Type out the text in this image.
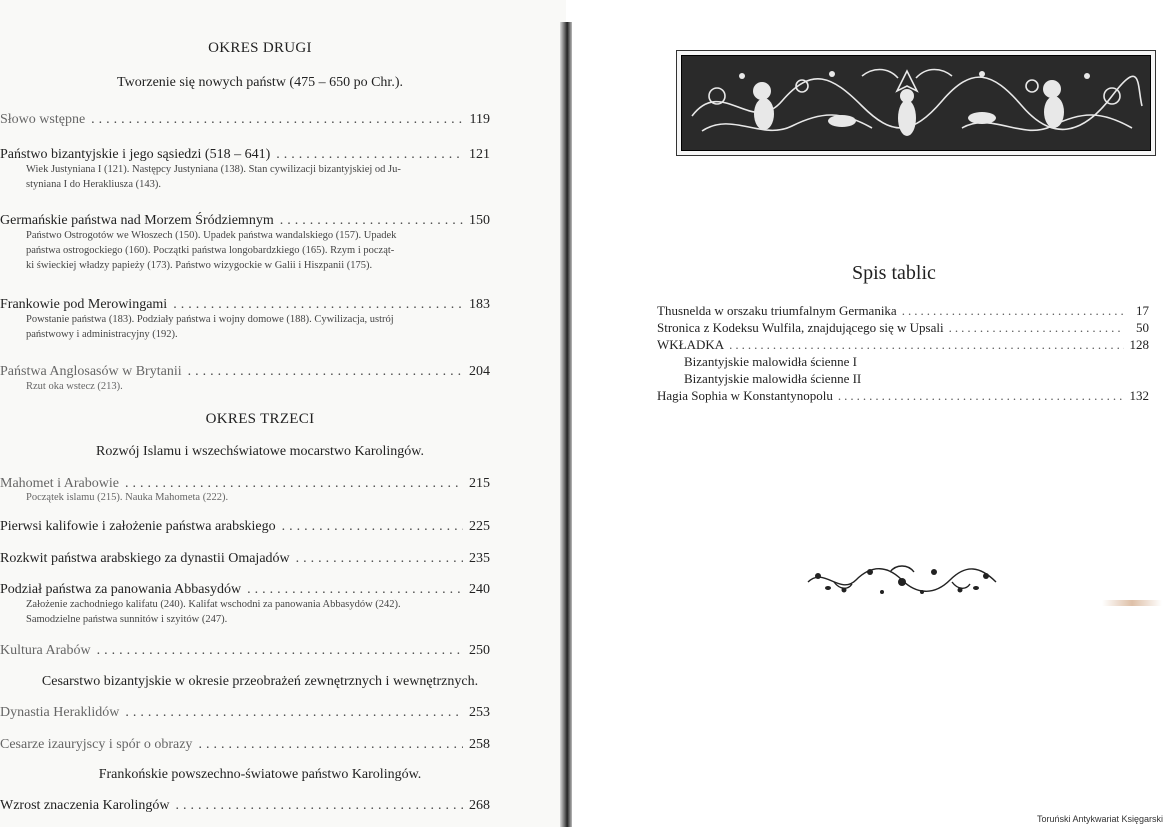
OKRES DRUGI
Tworzenie się nowych państw (475 – 650 po Chr.).
Słowo wstępne .....	119
Państwo bizantyjskie i jego sąsiedzi (518 – 641) .....	121
Wiek Justyniana I (121). Następcy Justyniana (138). Stan cywilizacji bizantyjskiej od Ju-
styniana I do Herakliusza (143).
Germańskie państwa nad Morzem Śródziemnym .....	150
Państwo Ostrogotów we Włoszech (150). Upadek państwa wandalskiego (157). Upadek
państwa ostrogockiego (160). Początki państwa longobardzkiego (165). Rzym i począt-
ki świeckiej władzy papieży (173). Państwo wizygockie w Galii i Hiszpanii (175).
Frankowie pod Merowingami .....	183
Powstanie państwa (183). Podziały państwa i wojny domowe (188). Cywilizacja, ustrój
państwowy i administracyjny (192).
Państwa Anglosasów w Brytanii .....	204
Rzut oka wstecz (213).
OKRES TRZECI
Rozwój Islamu i wszechświatowe mocarstwo Karolingów.
Mahomet i Arabowie .....	215
Początek islamu (215). Nauka Mahometa (222).
Pierwsi kalifowie i założenie państwa arabskiego .....	225
Rozkwit państwa arabskiego za dynastii Omajadów .....	235
Podział państwa za panowania Abbasydów .....	240
Założenie zachodniego kalifatu (240). Kalifat wschodni za panowania Abbasydów (242).
Samodzielne państwa sunnitów i szyitów (247).
Kultura Arabów .....	250
Cesarstwo bizantyjskie w okresie przeobrażeń zewnętrznych i wewnętrznych.
Dynastia Heraklidów .....	253
Cesarze izauryjscy i spór o obrazy .....	258
Frankońskie powszechno-światowe państwo Karolingów.
Wzrost znaczenia Karolingów .....	268
Spis tablic
Thusnelda w orszaku triumfalnym Germanika .....	17
Stronica z Kodeksu Wulfila, znajdującego się w Upsali .....	50
WKŁADKA .....	128
Bizantyjskie malowidła ścienne I
Bizantyjskie malowidła ścienne II
Hagia Sophia w Konstantynopolu .....	132
Toruński Antykwariat Księgarski
